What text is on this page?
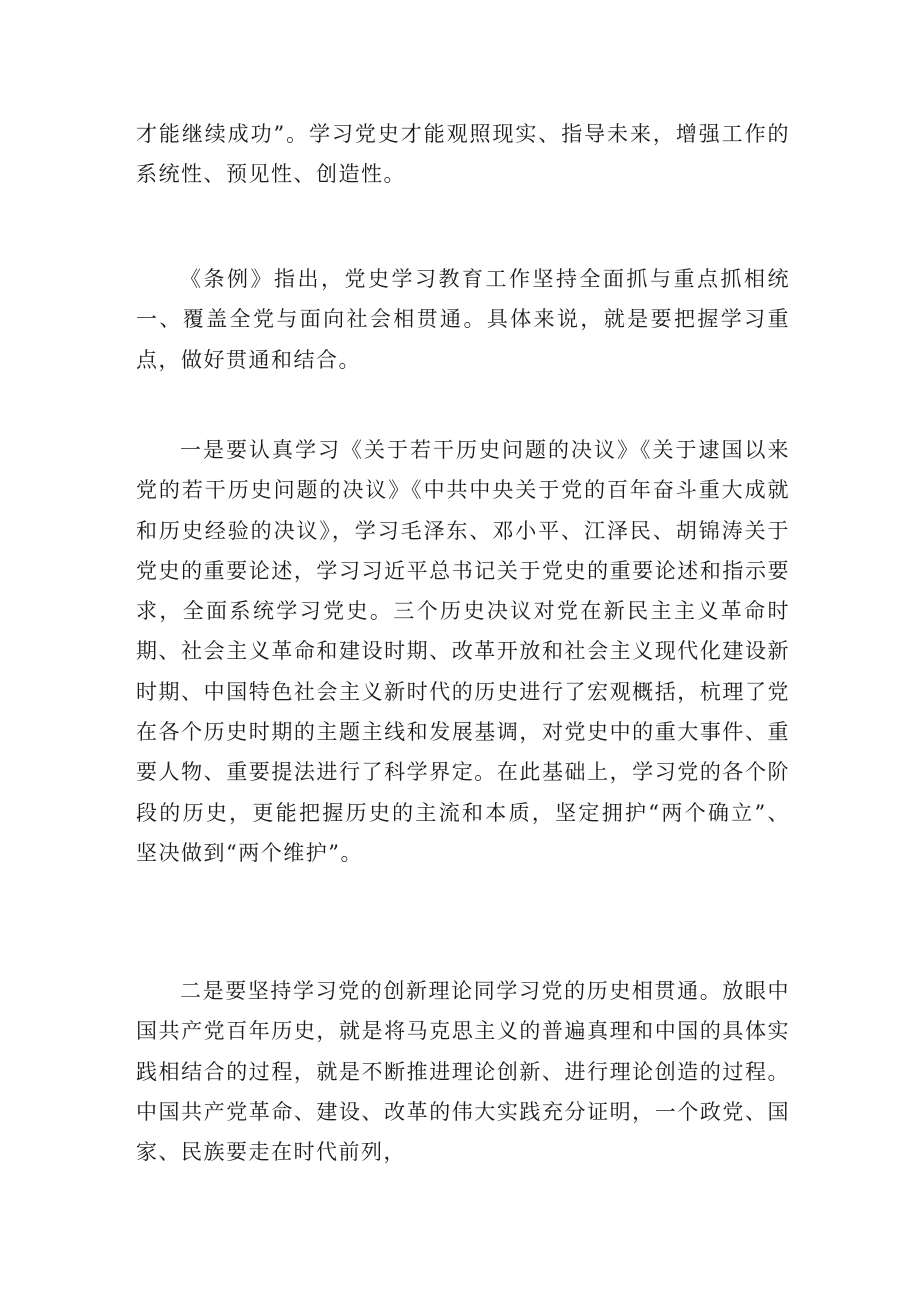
才能继续成功”。学习党史才能观照现实、指导未来，增强工作的系统性、预见性、创造性。

《条例》指出，党史学习教育工作坚持全面抓与重点抓相统一、覆盖全党与面向社会相贯通。具体来说，就是要把握学习重点，做好贯通和结合。

一是要认真学习《关于若干历史问题的决议》《关于逮国以来党的若干历史问题的决议》《中共中央关于党的百年奋斗重大成就和历史经验的决议》，学习毛泽东、邓小平、江泽民、胡锦涛关于党史的重要论述，学习习近平总书记关于党史的重要论述和指示要求，全面系统学习党史。三个历史决议对党在新民主主义革命时期、社会主义革命和建设时期、改革开放和社会主义现代化建设新时期、中国特色社会主义新时代的历史进行了宏观概括，杭理了党在各个历史时期的主题主线和发展基调，对党史中的重大事件、重要人物、重要提法进行了科学界定。在此基础上，学习党的各个阶段的历史，更能把握历史的主流和本质，坚定拥护“两个确立”、坚决做到“两个维护”。

二是要坚持学习党的创新理论同学习党的历史相贯通。放眼中国共产党百年历史，就是将马克思主义的普遍真理和中国的具体实践相结合的过程，就是不断推进理论创新、进行理论创造的过程。中国共产党革命、建设、改革的伟大实践充分证明，一个政党、国家、民族要走在时代前列，
